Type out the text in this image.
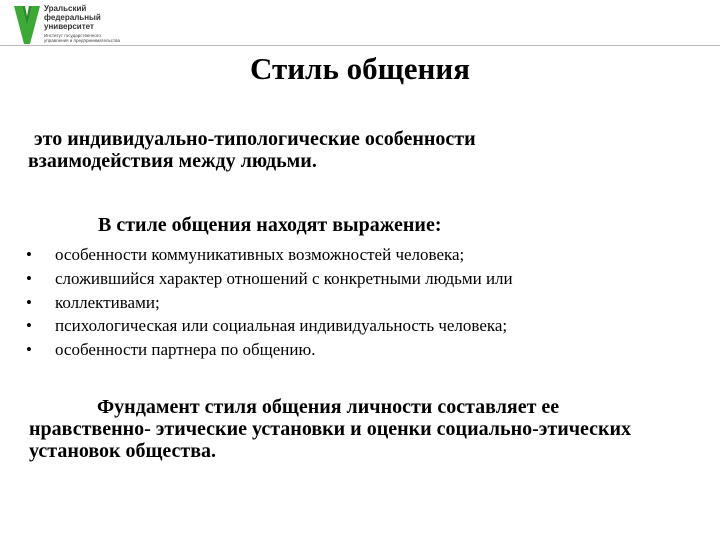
Уральский
федеральный
университет
Институт государственного
управления и предпринимательства
Стиль общения
это индивидуально-типологические особенности
взаимодействия между людьми.
В стиле общения находят выражение:
• особенности коммуникативных возможностей человека;
• сложившийся характер отношений с конкретными людьми или
• коллективами;
• психологическая или социальная индивидуальность человека;
• особенности партнера по общению.
Фундамент стиля общения личности составляет ее нравственно- этические установки и оценки социально-этических установок общества.
